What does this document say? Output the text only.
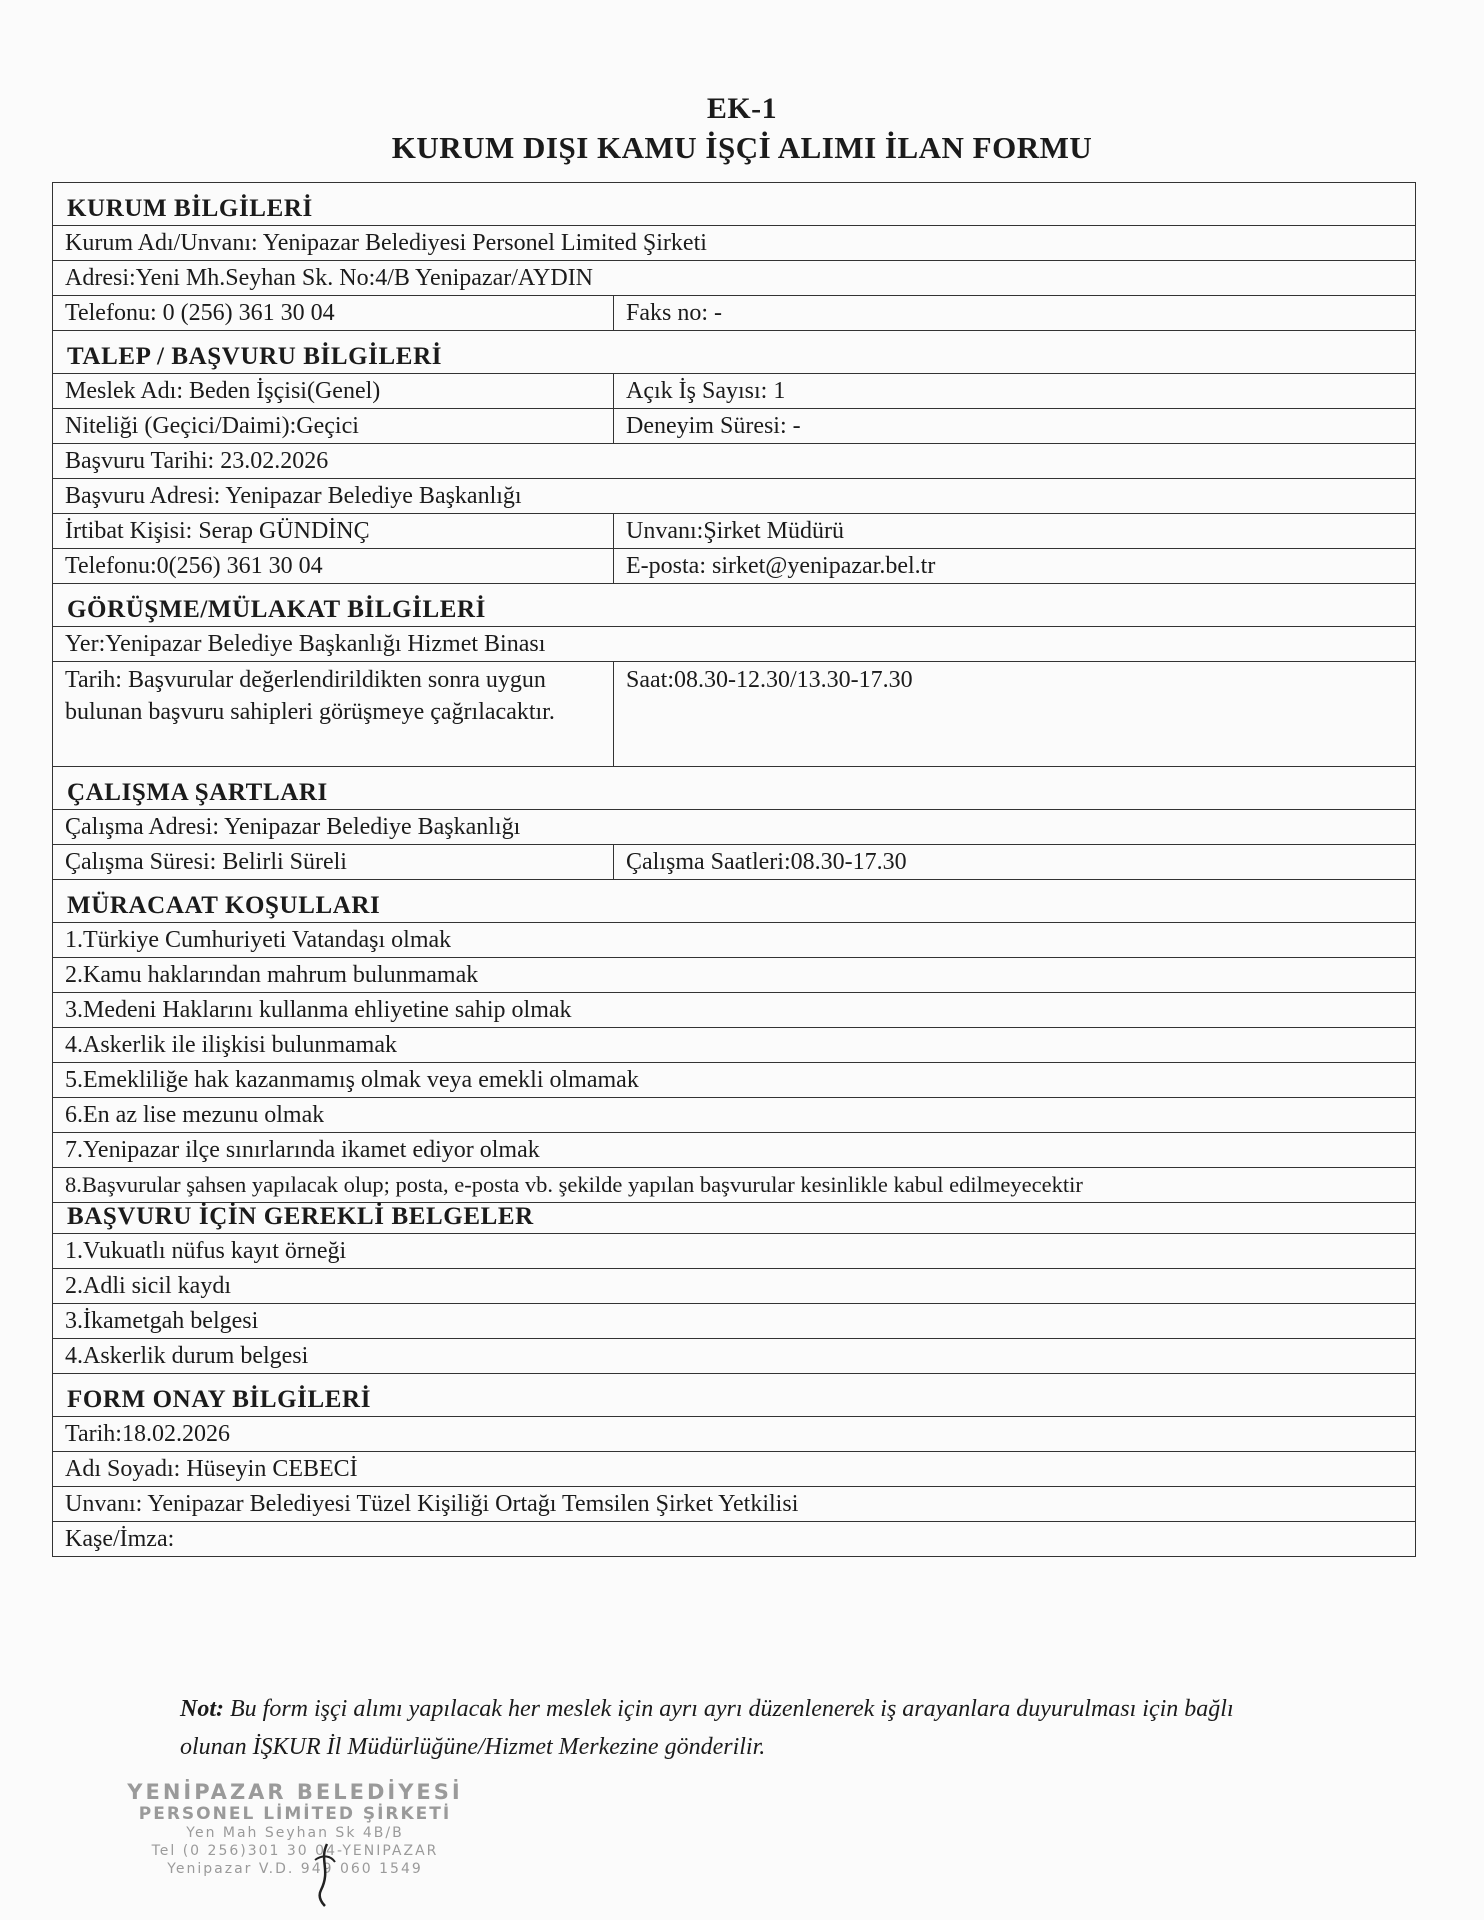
EK-1
KURUM DIŞI KAMU İŞÇİ ALIMI İLAN FORMU
KURUM BİLGİLERİ
Kurum Adı/Unvanı: Yenipazar Belediyesi Personel Limited Şirketi
Adresi:Yeni Mh.Seyhan Sk. No:4/B Yenipazar/AYDIN
Telefonu: 0 (256) 361 30 04	Faks no: -
TALEP / BAŞVURU BİLGİLERİ
Meslek Adı: Beden İşçisi(Genel)	Açık İş Sayısı: 1
Niteliği (Geçici/Daimi):Geçici	Deneyim Süresi: -
Başvuru Tarihi: 23.02.2026
Başvuru Adresi: Yenipazar Belediye Başkanlığı
İrtibat Kişisi: Serap GÜNDİNÇ	Unvanı:Şirket Müdürü
Telefonu:0(256) 361 30 04	E-posta: sirket@yenipazar.bel.tr
GÖRÜŞME/MÜLAKAT BİLGİLERİ
Yer:Yenipazar Belediye Başkanlığı Hizmet Binası
Tarih: Başvurular değerlendirildikten sonra uygun bulunan başvuru sahipleri görüşmeye çağrılacaktır.
Saat:08.30-12.30/13.30-17.30
ÇALIŞMA ŞARTLARI
Çalışma Adresi: Yenipazar Belediye Başkanlığı
Çalışma Süresi: Belirli Süreli	Çalışma Saatleri:08.30-17.30
MÜRACAAT KOŞULLARI
1.Türkiye Cumhuriyeti Vatandaşı olmak
2.Kamu haklarından mahrum bulunmamak
3.Medeni Haklarını kullanma ehliyetine sahip olmak
4.Askerlik ile ilişkisi bulunmamak
5.Emekliliğe hak kazanmamış olmak veya emekli olmamak
6.En az lise mezunu olmak
7.Yenipazar ilçe sınırlarında ikamet ediyor olmak
8.Başvurular şahsen yapılacak olup; posta, e-posta vb. şekilde yapılan başvurular kesinlikle kabul edilmeyecektir
BAŞVURU İÇİN GEREKLİ BELGELER
1.Vukuatlı nüfus kayıt örneği
2.Adli sicil kaydı
3.İkametgah belgesi
4.Askerlik durum belgesi
FORM ONAY BİLGİLERİ
Tarih:18.02.2026
Adı Soyadı: Hüseyin CEBECİ
Unvanı: Yenipazar Belediyesi Tüzel Kişiliği Ortağı Temsilen Şirket Yetkilisi
Kaşe/İmza:
Not: Bu form işçi alımı yapılacak her meslek için ayrı ayrı düzenlenerek iş arayanlara duyurulması için bağlı olunan İŞKUR İl Müdürlüğüne/Hizmet Merkezine gönderilir.
YENİPAZAR BELEDİYESİ
PERSONEL LİMİTED ŞİRKETİ
Yen Mah Seyhan Sk 4B/B
Tel (0 256)301 30 04-YENIPAZAR
Yenipazar V.D. 949 060 1549
